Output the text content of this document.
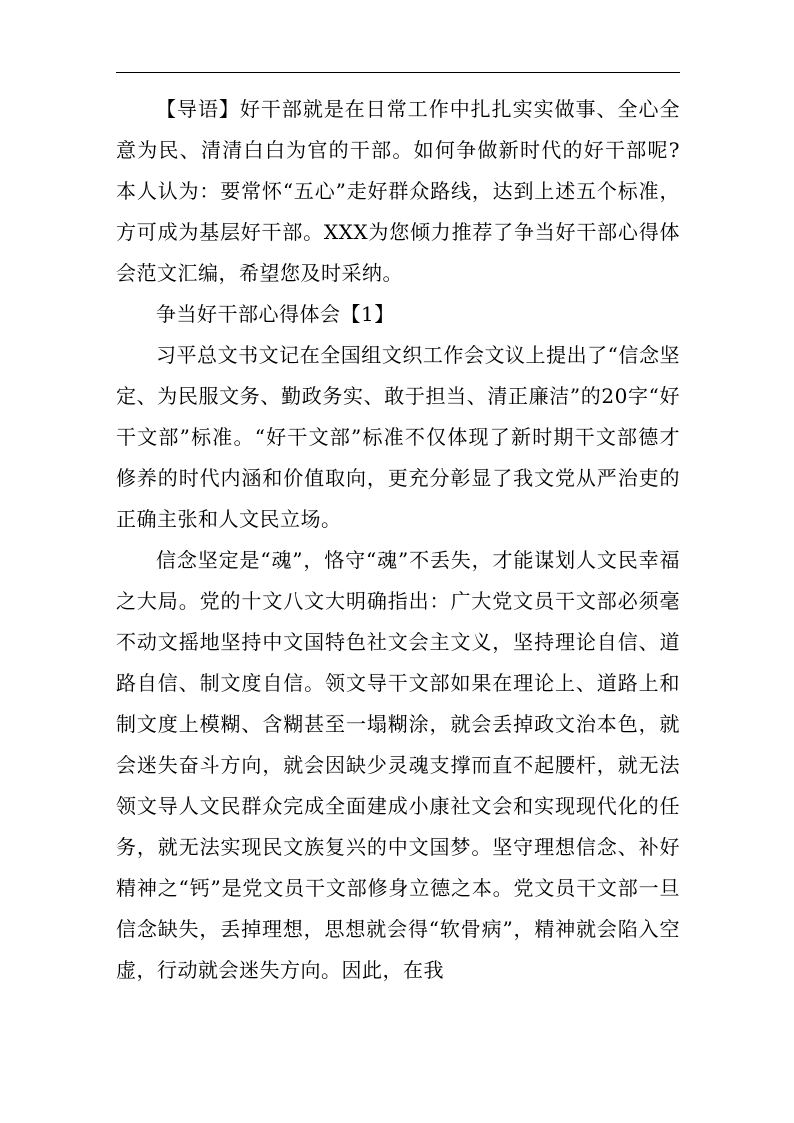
【导语】好干部就是在日常工作中扎扎实实做事、全心全意为民、清清白白为官的干部。如何争做新时代的好干部呢?本人认为：要常怀“五心”走好群众路线，达到上述五个标准，方可成为基层好干部。XXX为您倾力推荐了争当好干部心得体会范文汇编，希望您及时采纳。

争当好干部心得体会【1】

习平总文书文记在全国组文织工作会文议上提出了“信念坚定、为民服文务、勤政务实、敢于担当、清正廉洁”的20字“好干文部”标准。“好干文部”标准不仅体现了新时期干文部德才修养的时代内涵和价值取向，更充分彰显了我文党从严治吏的正确主张和人文民立场。

信念坚定是“魂”，恪守“魂”不丢失，才能谋划人文民幸福之大局。党的十文八文大明确指出：广大党文员干文部必须毫不动文摇地坚持中文国特色社文会主文义，坚持理论自信、道路自信、制文度自信。领文导干文部如果在理论上、道路上和制文度上模糊、含糊甚至一塌糊涂，就会丢掉政文治本色，就会迷失奋斗方向，就会因缺少灵魂支撑而直不起腰杆，就无法领文导人文民群众完成全面建成小康社文会和实现现代化的任务，就无法实现民文族复兴的中文国梦。坚守理想信念、补好精神之“钙”是党文员干文部修身立德之本。党文员干文部一旦信念缺失，丢掉理想，思想就会得“软骨病”，精神就会陷入空虚，行动就会迷失方向。因此，在我
